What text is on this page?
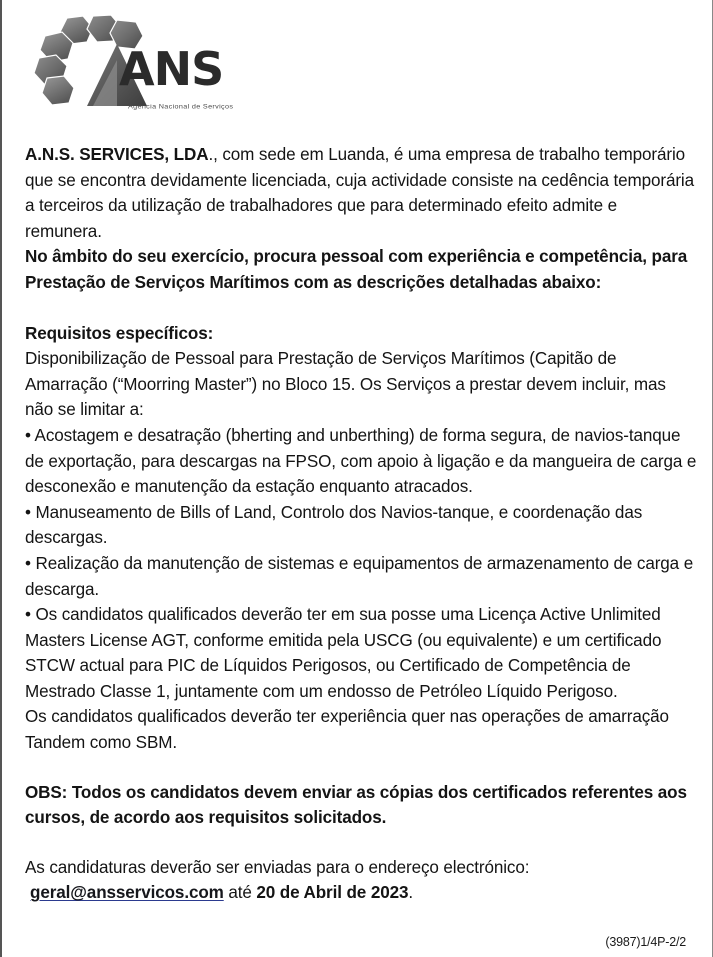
ANS
Agência Nacional de Serviços

A.N.S. SERVICES, LDA., com sede em Luanda, é uma empresa de trabalho temporário que se encontra devidamente licenciada, cuja actividade consiste na cedência temporária a terceiros da utilização de trabalhadores que para determinado efeito admite e remunera.

No âmbito do seu exercício, procura pessoal com experiência e competência, para Prestação de Serviços Marítimos com as descrições detalhadas abaixo:

Requisitos específicos:

Disponibilização de Pessoal para Prestação de Serviços Marítimos (Capitão de Amarração (“Moorring Master”) no Bloco 15. Os Serviços a prestar devem incluir, mas não se limitar a:

• Acostagem e desatração (bherting and unberthing) de forma segura, de navios-tanque de exportação, para descargas na FPSO, com apoio à ligação e da mangueira de carga e desconexão e manutenção da estação enquanto atracados.

• Manuseamento de Bills of Land, Controlo dos Navios-tanque, e coordenação das descargas.

• Realização da manutenção de sistemas e equipamentos de armazenamento de carga e descarga.

• Os candidatos qualificados deverão ter em sua posse uma Licença Active Unlimited Masters License AGT, conforme emitida pela USCG (ou equivalente) e um certificado STCW actual para PIC de Líquidos Perigosos, ou Certificado de Competência de Mestrado Classe 1, juntamente com um endosso de Petróleo Líquido Perigoso.

Os candidatos qualificados deverão ter experiência quer nas operações de amarração Tandem como SBM.

OBS: Todos os candidatos devem enviar as cópias dos certificados referentes aos cursos, de acordo aos requisitos solicitados.

As candidaturas deverão ser enviadas para o endereço electrónico:

geral@ansservicos.com até 20 de Abril de 2023.

(3987)1/4P-2/2
